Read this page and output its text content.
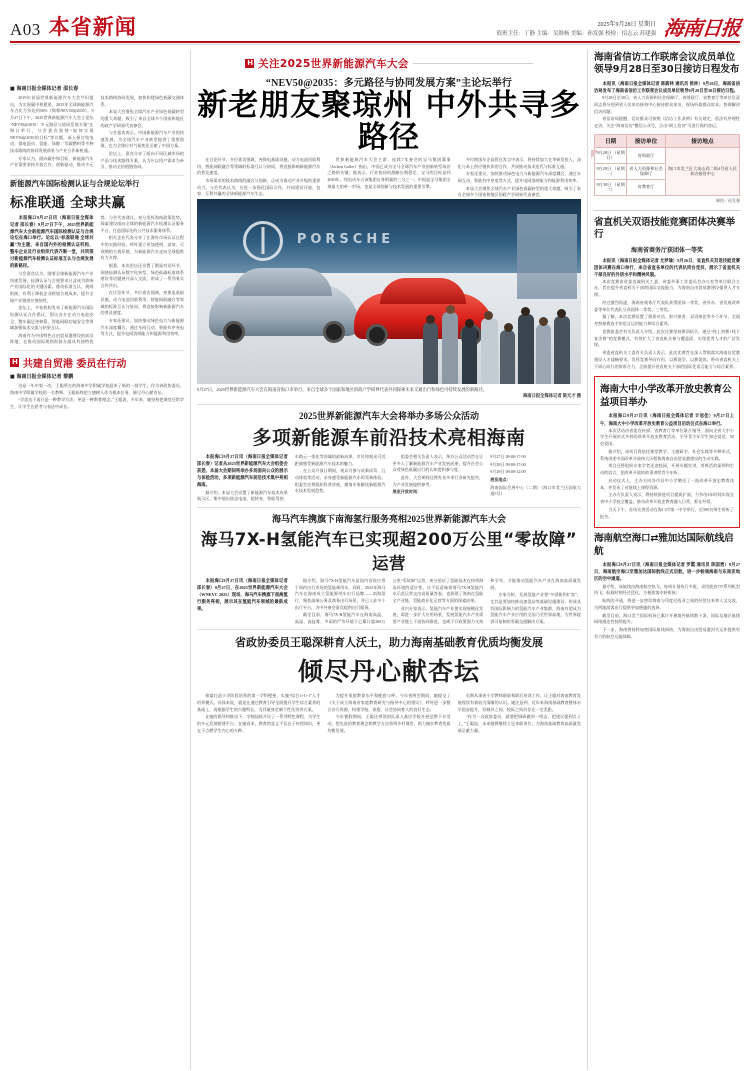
A03 本省新闻	2025年9月28日 星期日
值班主任：丁静 主编：吴维杨 美编：孙发强 校检：招志云 苏建强 海南日报
■ 海南日报全媒体记者 邵长春

2019年首届世界新能源汽车大会共识提出，为实现碳中和愿景，2035年全球新能源汽车占比力争达到50%（简称NEV50@2035）。9月27日下午，2025世界新能源汽车大会主论坛“NEV50@2035：多元路径与协同发展方案”在海口举行，与会嘉宾围绕“如何实现NEV50@2035的目标”等议题，深入探讨纯电动、插电混动、氢能、绿醇／零碳燃料等多种技术路线的协同发展前景与产业合作新机遇。

专家认为，面向碳中和目标，新能源汽车产业需要坚持开放合作、创新驱动，推动多元技术路线协同发展，加快构建绿色低碳交通体系。

本届大会聚焦全球汽车产业绿色低碳转型的重大命题，吸引了来自全球多个国家和地区的政产学研界代表参会。

与会嘉宾表示，中国新能源汽车产业的快速发展，为全球汽车产业转型提供了重要借鉴，也为全球应对气候变化贡献了中国方案。

论坛上，嘉宾分享了面向不同区域市场的产品与技术路线方案，认为应以用户需求为牵引，推动全价值链协同。

新能源汽车国际检测认证与合规论坛举行
标准联通 全球共赢

本报海口9月27日讯（海南日报全媒体记者 邵长春）9月27日下午，2025世界新能源汽车大会新能源汽车国际检测认证与合规论坛在海口举行。论坛以“标准联通 全球共赢”为主题，来自国内外的检测认证机构、整车企业及行业组织代表齐聚一堂，共同探讨新能源汽车检测认证标准互认与合规发展的新路径。

与会嘉宾认为，随着全球新能源汽车产业快速发展，检测认证与合规要求日益成为影响产业国际化的关键因素。推动标准互认、规则衔接，有利于降低企业跨境合规成本，提升全球产业链供应链韧性。

论坛上，多家机构发布了新能源汽车国际检测认证合作倡议，倡议各方在动力电池安全、整车碳足迹核算、智能网联功能安全等领域加强技术交流与结果互认。

海南作为中国特色自由贸易港建设的前沿阵地，在推动国际规则衔接方面具有独特优势。与会代表建议，充分发挥海南政策优势，探索建设面向全球的新能源汽车检测认证服务平台，打造国际化的公共技术服务体系。

相关企业代表分享了在海外市场认证过程中的实践经验，呼吁建立更加透明、高效、可预期的合规环境，为新能源汽车走向全球提供有力支撑。

据悉，本次论坛还设置了圆桌对话环节，围绕检测认证数字化转型、绿色低碳标准体系建设等话题展开深入交流，形成了一系列务实合作共识。

在讨论环节，多位嘉宾强调，充换电基础设施、动力电池回收利用、智能网联融合等领域的标准互认与协同，将直接影响新能源汽车的普及速度。

专家还建议，加快推动绿色电力与新能源汽车深度耦合，通过车网互动、智能有序充电等方式，提升电网消纳能力和能源利用效率。

H 共建自贸港 委员在行动
■ 海南日报全媒体记者 黎鹏

这是一年中第一次，王聪所在的海南中学附属学校迎来了新的一批学生。作为省政协委员、海南中学附属学校的一名教师，王聪始终把立德树人作为根本任务，倾尽丹心献杏坛。

“学思达不再只是一种教学方法，更是一种教育理念。”王聪说，多年来，她坚持把课堂还给学生，让学生在思考与表达中成长。

H 关注2025世界新能源汽车大会
“NEV50@2035：多元路径与协同发展方案”主论坛举行
新老朋友聚琼州 中外共寻多路径

在讨论环节，多位嘉宾强调，充换电基础设施、动力电池回收利用、智能网联融合等领域的标准互认与协同，将直接影响新能源汽车的普及速度。

市场需求的技术路线的融合与创新，正成为推动产业升级的重要动力。与会代表认为，应进一步强化国际合作，共同建设开放、包容、互利共赢的全球新能源汽车生态。

世界新能源汽车大会主席、连续7年参会的宝马集团董事（Jochen Goller）指出，中国已成为宝马全球汽车产业创新转型成功之路的关键。他表示，行业协同的战略长期稳定，宝马的目标是到2030年，纯电动车占该集团自身销量的三分之一。中国是宝马集团全球最大的单一市场，也是全球创新与技术发展的重要引擎。

多位跨国车企高管在发言中表示，将持续加大在华研发投入，深化与本土供应链伙伴的合作，共同推动技术迭代与标准互通。

专家还建议，加快推动绿色电力与新能源汽车深度耦合，通过车网互动、智能有序充电等方式，提升电网消纳能力和能源利用效率。

本届大会聚焦全球汽车产业绿色低碳转型的重大命题，吸引了来自全球多个国家和地区的政产学研界代表参会。

PORSCHE
9月27日，2025世界新能源汽车大会在海南省海口市举行。来自全球多个国家和地区的政产学研界代表共同探索未来交通出行和绿色可持续发展的新路径。
海南日报全媒体记者 陈元才 摄
2025世界新能源汽车大会将举办多场公众活动
多项新能源车前沿技术亮相海南

本报海口9月27日讯（海南日报全媒体记者 邵长春）记者从2025世界新能源汽车大会组委会获悉，本届大会期间将举办多场面向公众的展示与体验活动，多项新能源汽车前沿技术集中亮相海南。

据介绍，本届大会设置了新能源汽车技术成果展示区，集中展出固态电池、超快充、智能驾驶、车路云一体化等领域的最新成果，市民和观众可近距离感受新能源汽车技术的魅力。

在公众开放日期间，观众可参与试乘试驾、互动体验等活动，亲身感受新能源汽车的驾乘体验。组委会还将组织科普讲座，邀请专家解读新能源汽车技术发展趋势。

组委会相关负责人表示，举办公众活动旨在让更多人了解新能源汽车产业发展成果，提升社会公众对绿色低碳出行的认知度和参与度。

此外，大会期间还将发布多项行业研究报告，为产业发展提供参考。

展览开放时间：

9月27日 09:00-17:00

9月28日 09:00-17:00

9月29日 09:00-12:00

展览地点：

海南国际会展中心（二期）（海口市美兰区国家大道5号）

海马汽车携旗下南海氢行服务亮相2025世界新能源汽车大会
海马7X-H氢能汽车已实现超200万公里“零故障”运营

本报海口9月27日讯（海南日报全媒体记者 邵长春）9月27日，在2025世界新能源汽车大会（WNEVC 2025）现场，海马汽车携旗下南海氢行服务亮相，展示其在氢能汽车领域的最新成果。

据介绍，海马7X-H氢能汽车是国内首款应用于网约出行市场的氢能乘用车。同时，2025年海马汽车在海南成立氢能源用车出行品牌——南海氢行，聚焦高端公务及商务出行场景，并已入驻多个出行平台，为中外参会嘉宾提供出行服务。

截至目前，海马7X-H氢能汽车在海南高温、高湿、高盐雾、多雨的严苛环境下已累计超200万公里“零故障”运营，充分验证了氢能技术在热带海岛环境的适应性。这不仅意味着海马7X-H氢能汽车示范运营交出高质量答卷，也展现了海南在氢能全产业链、氢能商业化运营等方面的探索成果。

业内专家表示，氢能汽车产业要实现规模化发展，需进一步扩大应用场景，发展氢能汽车产业需要产业链上下游协同推进，也离不开政策强力支持和引导，才能推动氢能汽车产业在海南高质量发展。

专家分析，发展氢能产业要“多创新和扩容”，尤其是要加快推动加氢站等基础设施建设，形成具有国际影响力的氢能汽车产业集群，海南有望成为氢能汽车产业应用的全国乃至世界高地，为世界提供可复制的零碳交通解决方案。

省政协委员王聪深耕育人沃土，助力海南基础教育优质均衡发展
倾尽丹心献杏坛

探索打造小学阶段培养的第一学科壁垒，实施“综合1+1+1”人才培养模式。具体来说，就是在通过教育引导全面提升学生综合素养的基础上，再根据学生的兴趣特长，为其量身定制个性化培养方案。

在她的倡导和推动下，学校陆续开设了一系列特色课程，为学生的多元发展搭建平台。在她看来，教育的意义不仅在于传授知识，更在于点燃学生内心的火种。

为提升家庭教育水平和配套与呼。今年省两会期间，她提交了《关于成立海南省家庭教育研究与指导中心的建议》，呼吁进一步整合各方资源，构建学校、家庭、社会协同育人的良好生态。

今年暑假期间，王聪还带领团队深入基层学校开展送教下乡活动，把先进的教育理念和教学方法带到乡村课堂，助力城乡教育优质均衡发展。

长期从事省小学教师职前和职后培训工作，让王聪对海南教育发展现状有着较为清晰的认识。她注意到，近年来海南基础教育整体水平稳步提升，但城乡之间、校际之间仍存在一定差距。

“作为一名政协委员，就要把调研做到一线去，把建议提到点子上。”王聪说，未来她将继续立足本职岗位，为海南基础教育高质量发展贡献力量。

海南省信访工作联席会议成员单位领导9月28日至30日接访日程发布

本报讯（海南日报全媒体记者 陈蔚林 通讯员 侯林）9月26日，海南省信访局发布了海南省信访工作联席会议成员单位领导9月28日至30日接访日程。

9月28日至30日，省人力资源和社会保障厅、省财政厅、省教育厅等单位负责同志将分别到省人民来访接待中心接待群众来访，现场听取群众诉求，协调解决信访问题。

省信访局提醒，信访群众可按照《信访工作条例》有关规定，依法有序理性走访。关注“海南信访”微信公众号，点击“网上信访”可进行预约登记。

日期	接访单位	接访地点
9月28日 （星期日）	省财政厅	海口市美兰区大英山西二街4号省人民来访接待中心
9月29日 （星期一）	省人力资源和社会保障厅	
9月30日 （星期二）	省教育厅	
制图／孙发强
省直机关双语技能竞赛团体决赛举行
海南省商务厅获团体一等奖

本报讯（海南日报全媒体记者 尤梦瑜）9月26日，省直机关双语技能竞赛团体决赛在海口举行，来自省直各单位的代表队同台竞技，展示了省直机关干部良好的外语水平和精神风貌。

本次竞赛由省委直属机关工委、省委外事工作委员会办公室等单位联合主办，旨在提升省直机关干部的国际交流能力，为海南自由贸易港建设提供人才支撑。

经过激烈角逐，海南省商务厅代表队获得团体一等奖，省外办、省发展改革委等单位代表队分获团体二等奖、三等奖。

据了解，本次竞赛设置了情景对话、即兴演讲、双语辩论等多个环节，全面考察参赛选手的语言运用能力和综合素养。

竞赛组委会有关负责人介绍，此次比赛坚持赛训结合，通过“线上初赛+线下复决赛”的竞赛模式，有效扩大了省直机关参与覆盖面，实现优秀人才的广泛发现。

省委省直机关工委有关负责人表示，此次比赛旨在深入贯彻落实海南自贸港建设人才战略要求，发挥竞赛导向作用，以赛促学、以赛促练，带动省直机关上下同心同行的浓厚合力，全面提升省直机关干部的国际化语言能力与综合素养。

海南大中小学改革开放史教育公益项目举办

本报海口9月27日讯（海南日报全媒体记者 计思佳）9月27日上午，海南大中小学改革开放史教育公益项目启动仪式在海口举行。

本次活动由省委宣传部、省教育厅等单位联合指导，面向全省大中小学生开展形式多样的改革开放史教育活动，引导青少年学生知史爱党、知史爱国。

据介绍，该项目将依托课堂教学、主题研学、社会实践等多种形式，系统讲述中国改革开放伟大历程和海南自由贸易港建设的生动实践。

项目还将组织专家学者走进校园，开展专题宣讲，用鲜活的案例和生动的语言，把改革开放的故事讲给青少年听。

启动仪式上，主办方向各市县中小学赠送了一批改革开放史教育读本，并发布了首批线上课程资源。

主办方负责人表示，将持续推进项目提质扩面，力争用3年时间实现全省中小学校全覆盖，推动改革开放史教育融入日常、抓在经常。

当天下午，首场宣讲活动在海口市第一中学举行，近500名师生聆听了报告。

海南航空海口⇄雅加达国际航线启航

本报海口9月27日讯（海南日报全媒体记者 罗霞 通讯员 陈国勇）9月27日，海南航空海口至雅加达国际航线正式启航，进一步畅通海南与东南亚地区的空中通道。

据介绍，该航线由海南航空执飞，每周计划执行多班，采用波音737系列机型执飞。航班时刻经过优化，方便旅客中转衔接。

航线的开通，将进一步密切海南与印度尼西亚之间的经贸往来和人文交流，为两地游客出行提供更加便捷的选择。

截至目前，海口美兰国际机场已累计开通境外航线数十条，国际及地区航线网络通达性持续提升。

下一步，海南将持续加密国际航线网络，为海南自由贸易港封关运作提供更有力的航空运输保障。
